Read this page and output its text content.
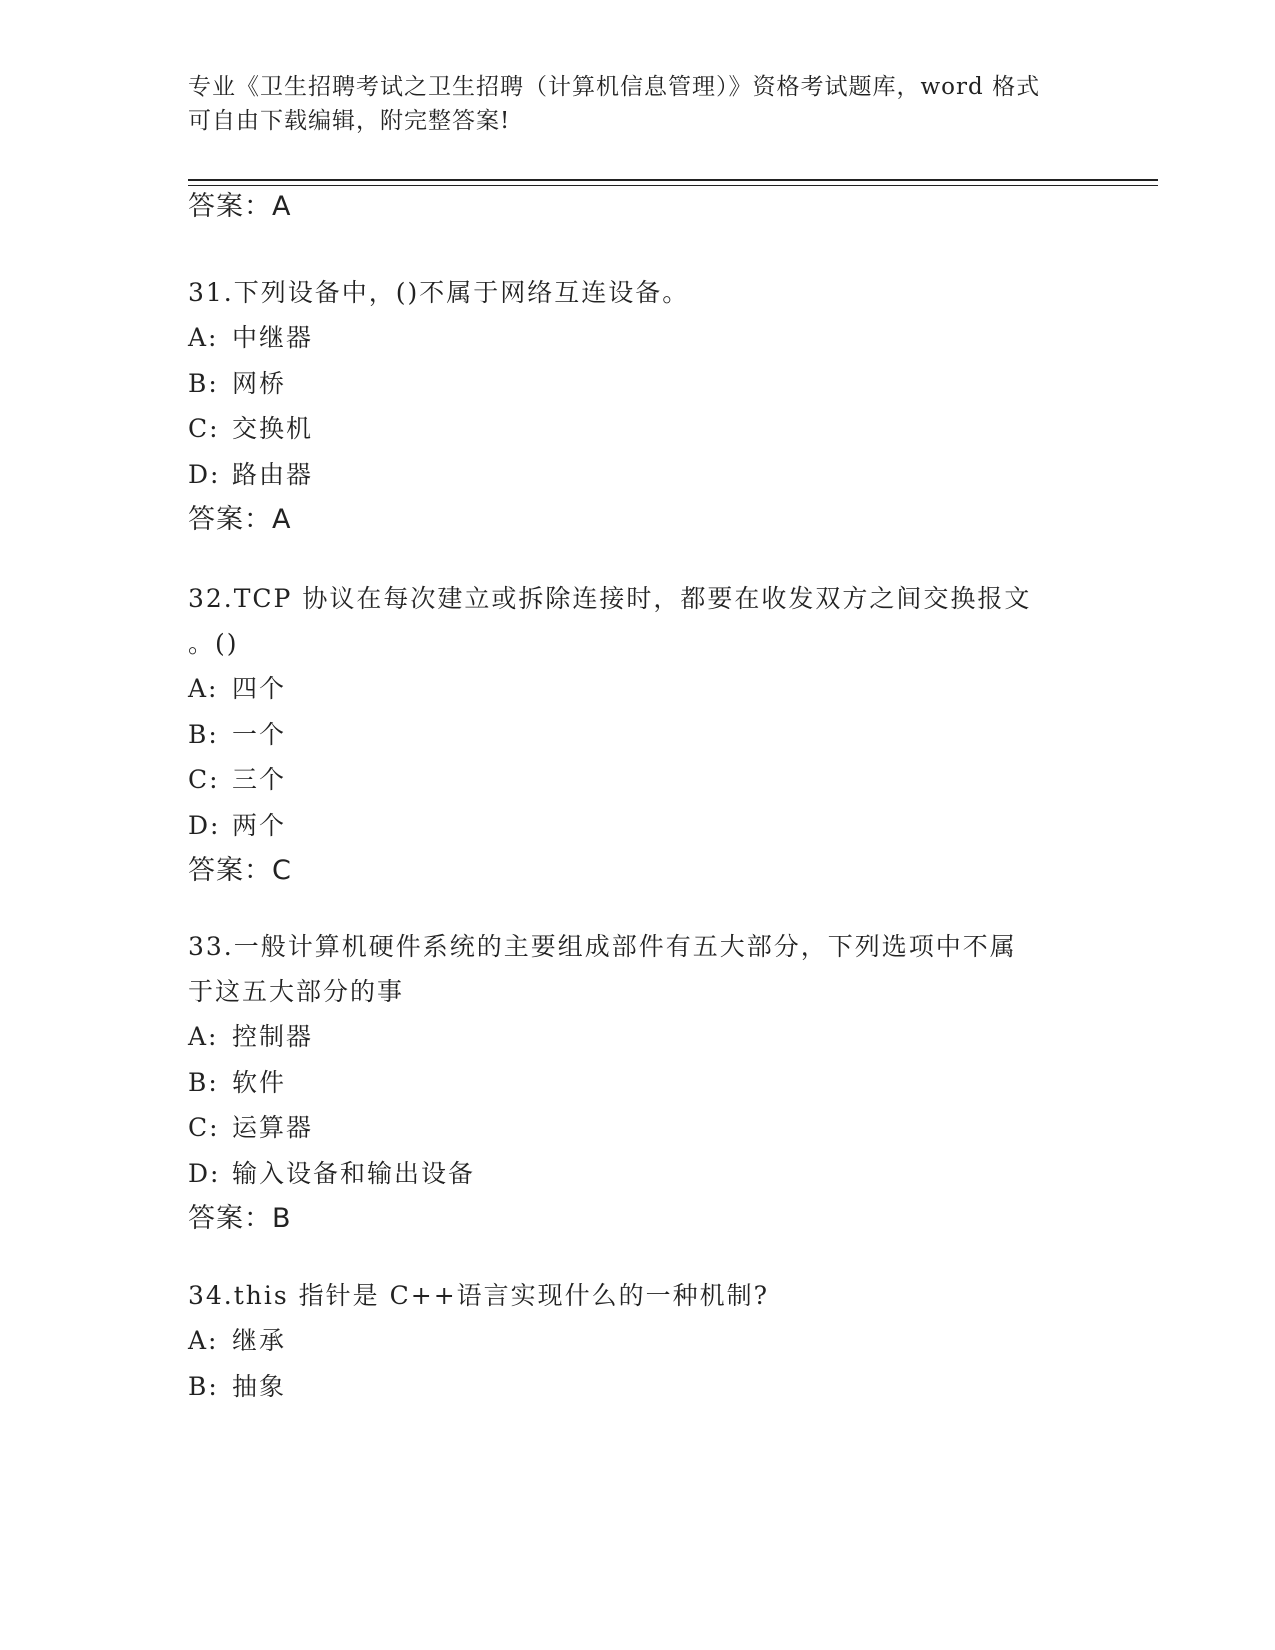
专业《卫生招聘考试之卫生招聘（计算机信息管理）》资格考试题库，word 格式
可自由下载编辑，附完整答案!

答案：A

31.下列设备中，()不属于网络互连设备。

A: 中继器
B: 网桥
C: 交换机
D: 路由器

答案：A

32.TCP 协议在每次建立或拆除连接时，都要在收发双方之间交换报文

。()

A: 四个
B: 一个
C: 三个
D: 两个

答案：C

33.一般计算机硬件系统的主要组成部件有五大部分，下列选项中不属

于这五大部分的事

A: 控制器
B: 软件
C: 运算器
D: 输入设备和输出设备

答案：B

34.this 指针是 C++语言实现什么的一种机制?

A: 继承
B: 抽象
